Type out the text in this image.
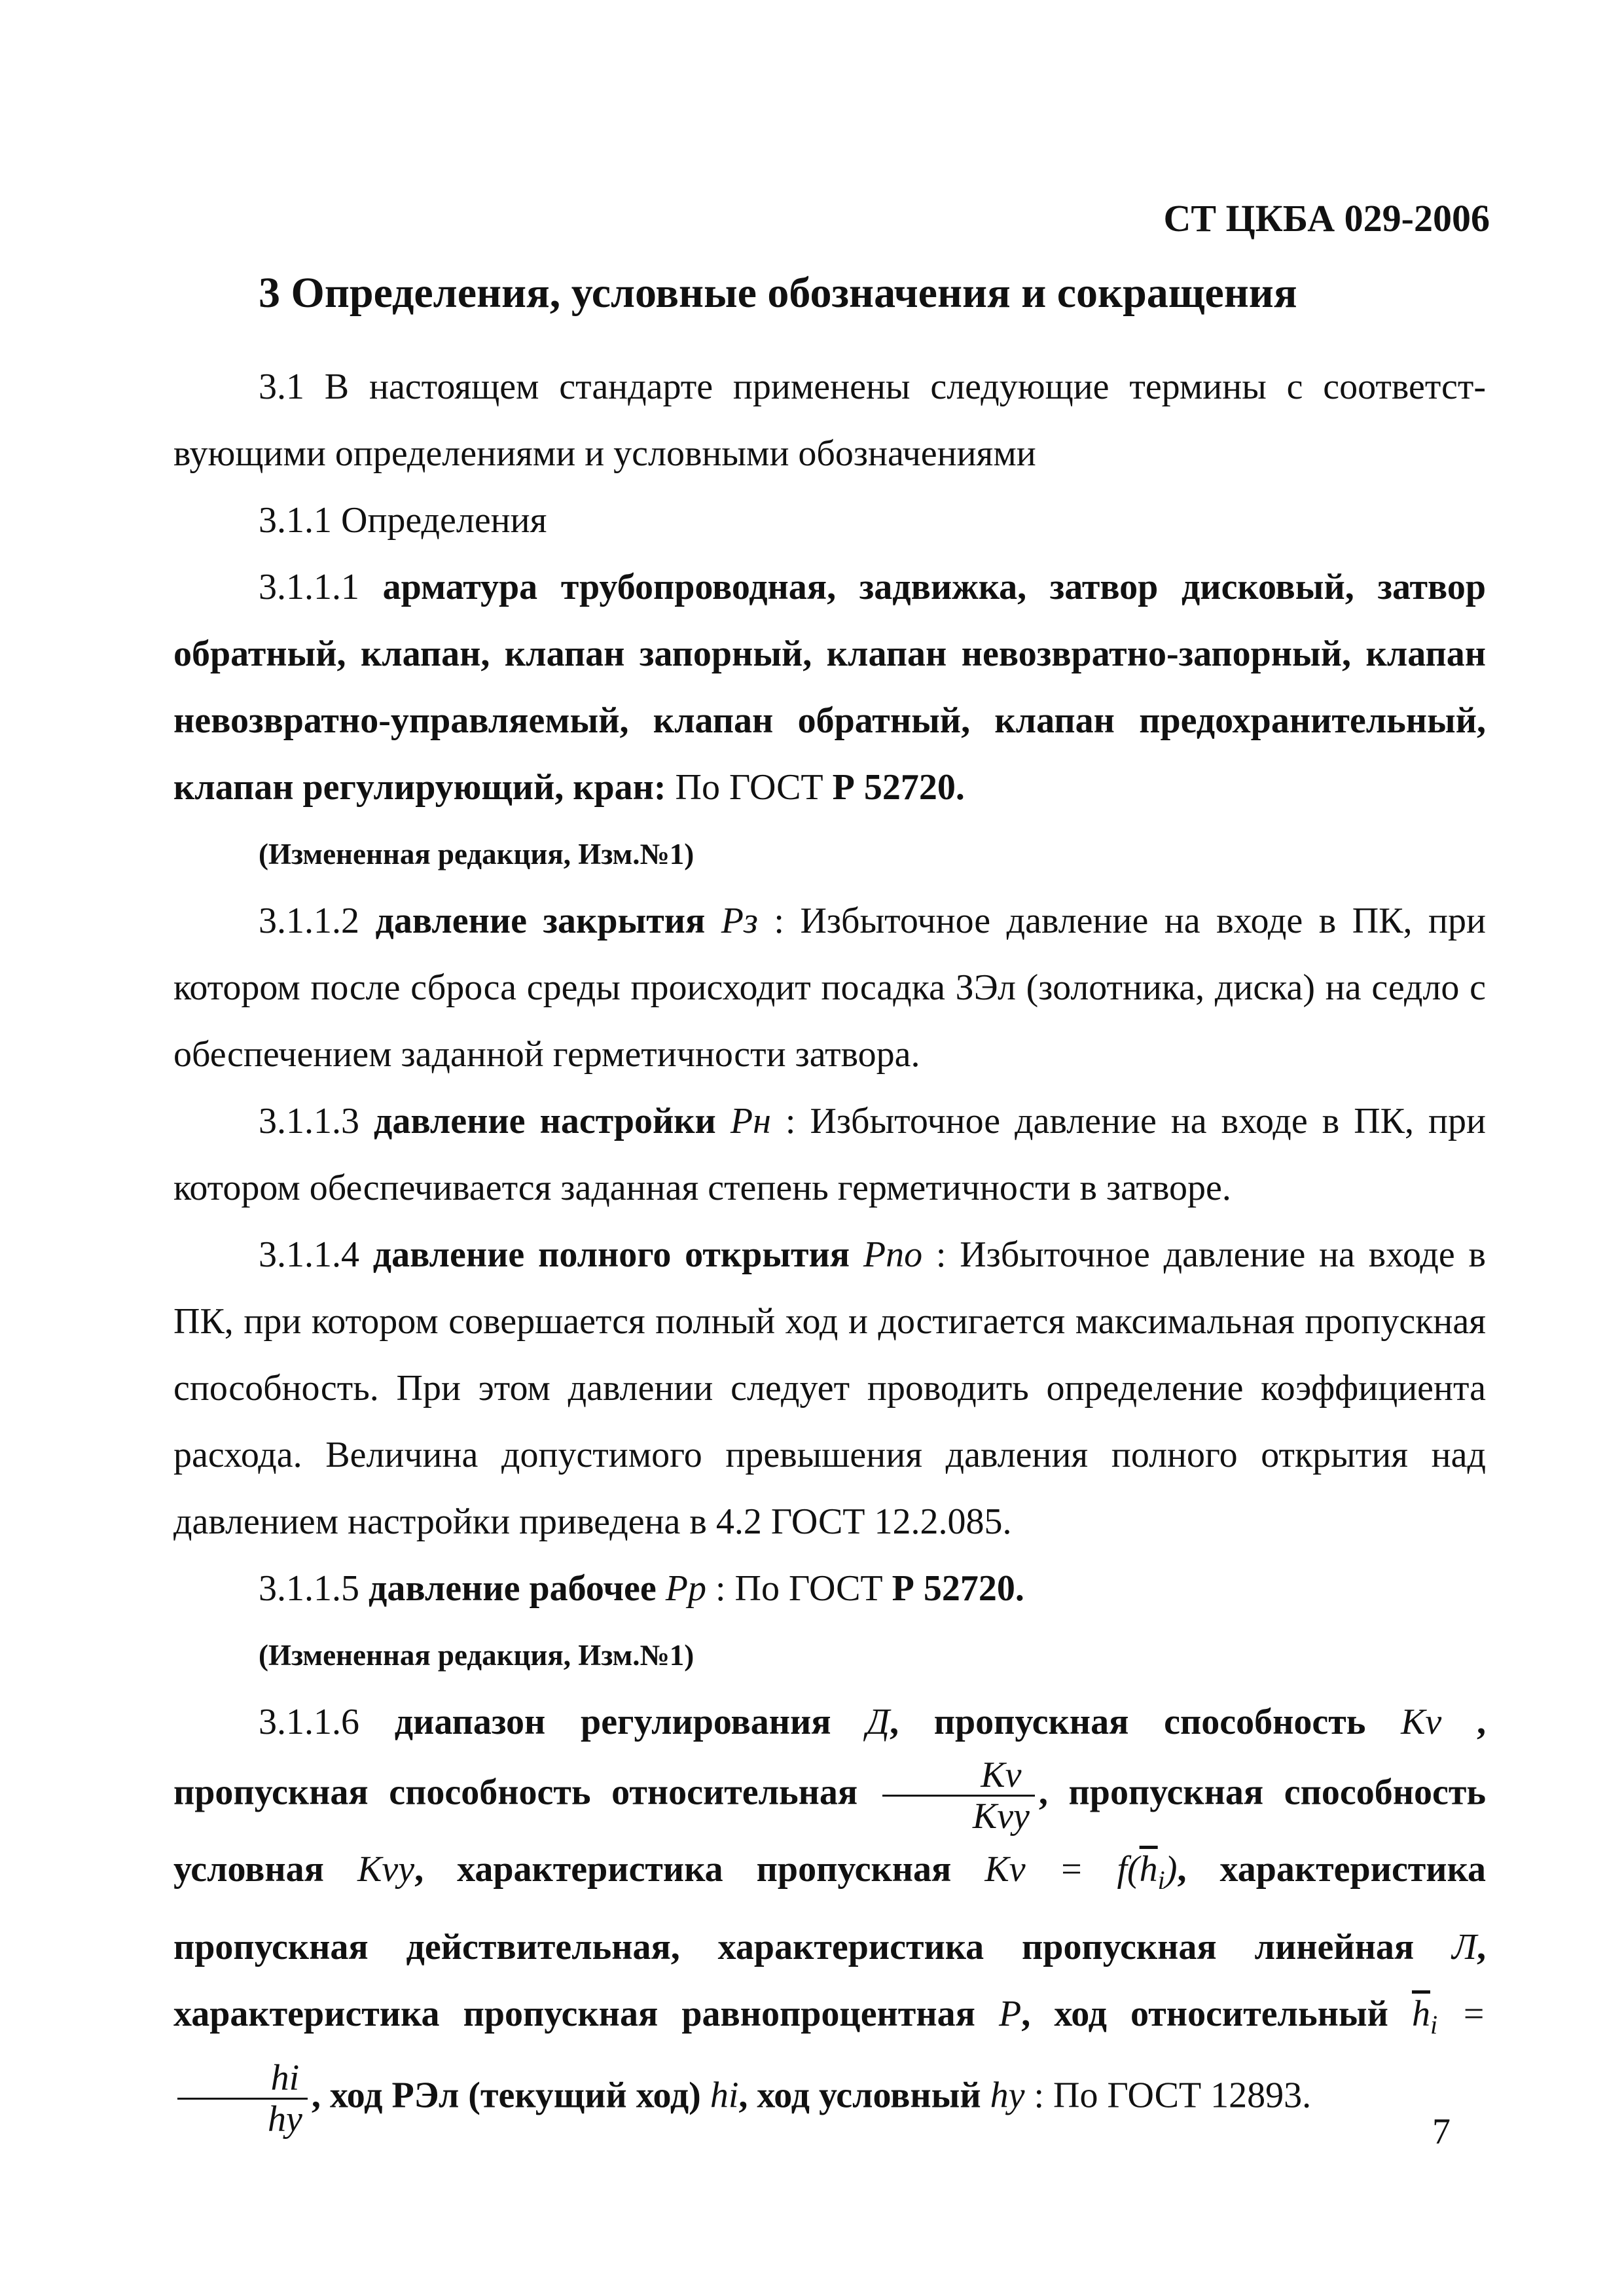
СТ ЦКБА 029-2006
3 Определения, условные обозначения и сокращения

3.1 В настоящем стандарте применены следующие термины с соответст-вующими определениями и условными обозначениями

3.1.1 Определения

3.1.1.1 арматура трубопроводная, задвижка, затвор дисковый, затвор обратный, клапан, клапан запорный, клапан невозвратно-запорный, клапан невозвратно-управляемый, клапан обратный, клапан предохранительный, клапан регулирующий, кран: По ГОСТ Р 52720.

(Измененная редакция, Изм.№1)

3.1.1.2 давление закрытия Рз : Избыточное давление на входе в ПК, при котором после сброса среды происходит посадка ЗЭл (золотника, диска) на седло с обеспечением заданной герметичности затвора.

3.1.1.3 давление настройки Рн : Избыточное давление на входе в ПК, при котором обеспечивается заданная степень герметичности в затворе.

3.1.1.4 давление полного открытия Рпо : Избыточное давление на входе в ПК, при котором совершается полный ход и достигается максимальная пропускная способность. При этом давлении следует проводить определение коэффициента расхода. Величина допустимого превышения давления полного открытия над давлением настройки приведена в 4.2 ГОСТ 12.2.085.

3.1.1.5 давление рабочее Рр : По ГОСТ Р 52720.

(Измененная редакция, Изм.№1)

3.1.1.6 диапазон регулирования Д, пропускная способность Kv , пропускная способность относительная $\frac{Kv}{\text{Kvy}}$ , пропускная способность условная Kvy, характеристика пропускная $Kv = f(\overline{h}_i)$, характеристика пропускная действительная, характеристика пропускная линейная Л, характеристика пропускная равнопроцентная Р, ход относительный $\overline{h}_i$ =
$\frac{hi}{hy}$ , ход РЭл (текущий ход) hi, ход условный hy : По ГОСТ 12893.

7
